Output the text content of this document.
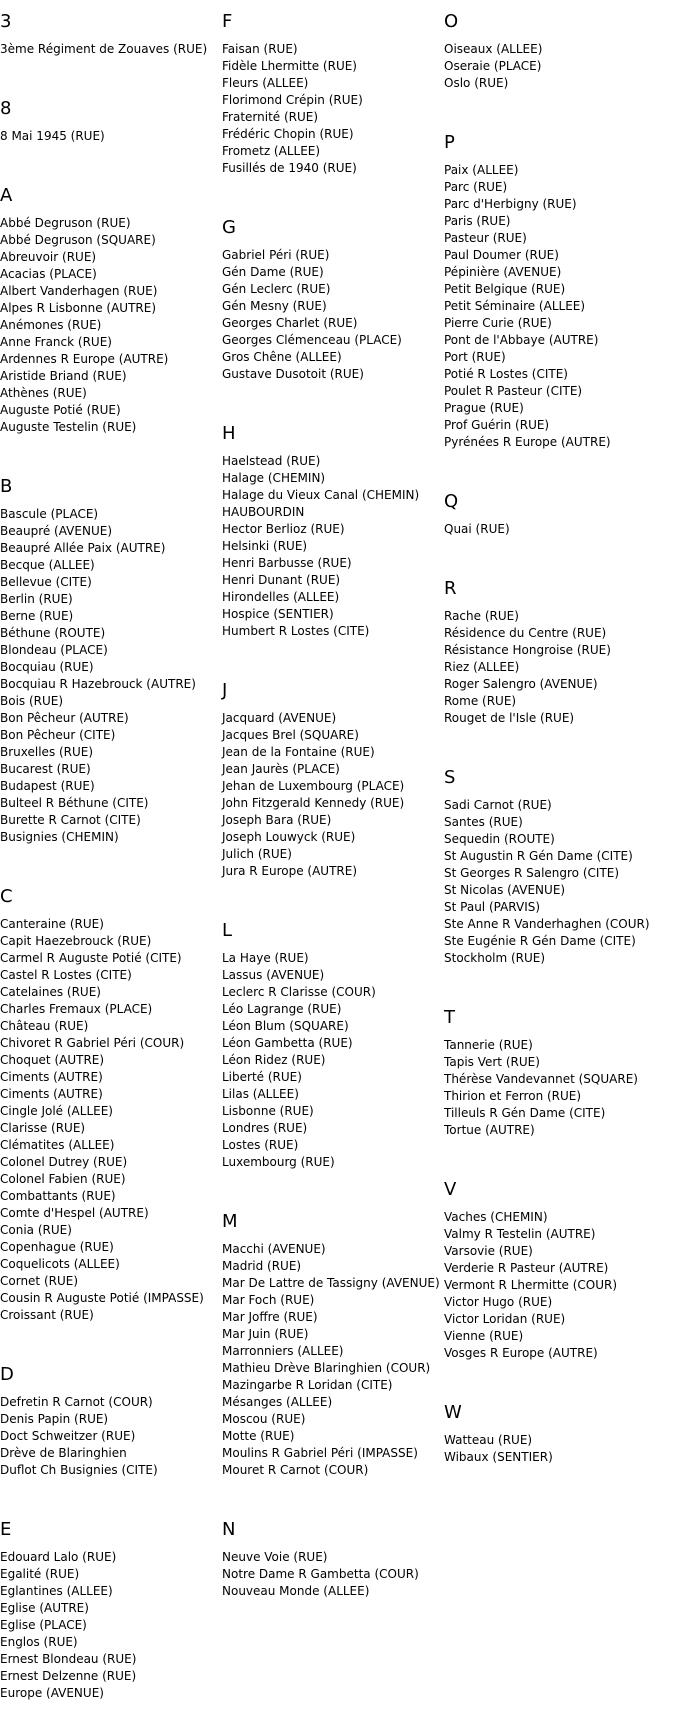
3
3ème Régiment de Zouaves (RUE)
8
8 Mai 1945 (RUE)
A
Abbé Degruson (RUE)
Abbé Degruson (SQUARE)
Abreuvoir (RUE)
Acacias (PLACE)
Albert Vanderhagen (RUE)
Alpes R Lisbonne (AUTRE)
Anémones (RUE)
Anne Franck (RUE)
Ardennes R Europe (AUTRE)
Aristide Briand (RUE)
Athènes (RUE)
Auguste Potié (RUE)
Auguste Testelin (RUE)
B
Bascule (PLACE)
Beaupré (AVENUE)
Beaupré Allée Paix (AUTRE)
Becque (ALLEE)
Bellevue (CITE)
Berlin (RUE)
Berne (RUE)
Béthune (ROUTE)
Blondeau (PLACE)
Bocquiau (RUE)
Bocquiau R Hazebrouck (AUTRE)
Bois (RUE)
Bon Pêcheur (AUTRE)
Bon Pêcheur (CITE)
Bruxelles (RUE)
Bucarest (RUE)
Budapest (RUE)
Bulteel R Béthune (CITE)
Burette R Carnot (CITE)
Busignies (CHEMIN)
C
Canteraine (RUE)
Capit Haezebrouck (RUE)
Carmel R Auguste Potié (CITE)
Castel R Lostes (CITE)
Catelaines (RUE)
Charles Fremaux (PLACE)
Château (RUE)
Chivoret R Gabriel Péri (COUR)
Choquet (AUTRE)
Ciments (AUTRE)
Ciments (AUTRE)
Cingle Jolé (ALLEE)
Clarisse (RUE)
Clématites (ALLEE)
Colonel Dutrey (RUE)
Colonel Fabien (RUE)
Combattants (RUE)
Comte d'Hespel (AUTRE)
Conia (RUE)
Copenhague (RUE)
Coquelicots (ALLEE)
Cornet (RUE)
Cousin R Auguste Potié (IMPASSE)
Croissant (RUE)
D
Defretin R Carnot (COUR)
Denis Papin (RUE)
Doct Schweitzer (RUE)
Drève de Blaringhien
Duflot Ch Busignies (CITE)
E
Edouard Lalo (RUE)
Egalité (RUE)
Eglantines (ALLEE)
Eglise (AUTRE)
Eglise (PLACE)
Englos (RUE)
Ernest Blondeau (RUE)
Ernest Delzenne (RUE)
Europe (AVENUE)
F
Faisan (RUE)
Fidèle Lhermitte (RUE)
Fleurs (ALLEE)
Florimond Crépin (RUE)
Fraternité (RUE)
Frédéric Chopin (RUE)
Frometz (ALLEE)
Fusillés de 1940 (RUE)
G
Gabriel Péri (RUE)
Gén Dame (RUE)
Gén Leclerc (RUE)
Gén Mesny (RUE)
Georges Charlet (RUE)
Georges Clémenceau (PLACE)
Gros Chêne (ALLEE)
Gustave Dusotoit (RUE)
H
Haelstead (RUE)
Halage (CHEMIN)
Halage du Vieux Canal (CHEMIN)
HAUBOURDIN
Hector Berlioz (RUE)
Helsinki (RUE)
Henri Barbusse (RUE)
Henri Dunant (RUE)
Hirondelles (ALLEE)
Hospice (SENTIER)
Humbert R Lostes (CITE)
J
Jacquard (AVENUE)
Jacques Brel (SQUARE)
Jean de la Fontaine (RUE)
Jean Jaurès (PLACE)
Jehan de Luxembourg (PLACE)
John Fitzgerald Kennedy (RUE)
Joseph Bara (RUE)
Joseph Louwyck (RUE)
Julich (RUE)
Jura R Europe (AUTRE)
L
La Haye (RUE)
Lassus (AVENUE)
Leclerc R Clarisse (COUR)
Léo Lagrange (RUE)
Léon Blum (SQUARE)
Léon Gambetta (RUE)
Léon Ridez (RUE)
Liberté (RUE)
Lilas (ALLEE)
Lisbonne (RUE)
Londres (RUE)
Lostes (RUE)
Luxembourg (RUE)
M
Macchi (AVENUE)
Madrid (RUE)
Mar De Lattre de Tassigny (AVENUE)
Mar Foch (RUE)
Mar Joffre (RUE)
Mar Juin (RUE)
Marronniers (ALLEE)
Mathieu Drève Blaringhien (COUR)
Mazingarbe R Loridan (CITE)
Mésanges (ALLEE)
Moscou (RUE)
Motte (RUE)
Moulins R Gabriel Péri (IMPASSE)
Mouret R Carnot (COUR)
N
Neuve Voie (RUE)
Notre Dame R Gambetta (COUR)
Nouveau Monde (ALLEE)
O
Oiseaux (ALLEE)
Oseraie (PLACE)
Oslo (RUE)
P
Paix (ALLEE)
Parc (RUE)
Parc d'Herbigny (RUE)
Paris (RUE)
Pasteur (RUE)
Paul Doumer (RUE)
Pépinière (AVENUE)
Petit Belgique (RUE)
Petit Séminaire (ALLEE)
Pierre Curie (RUE)
Pont de l'Abbaye (AUTRE)
Port (RUE)
Potié R Lostes (CITE)
Poulet R Pasteur (CITE)
Prague (RUE)
Prof Guérin (RUE)
Pyrénées R Europe (AUTRE)
Q
Quai (RUE)
R
Rache (RUE)
Résidence du Centre (RUE)
Résistance Hongroise (RUE)
Riez (ALLEE)
Roger Salengro (AVENUE)
Rome (RUE)
Rouget de l'Isle (RUE)
S
Sadi Carnot (RUE)
Santes (RUE)
Sequedin (ROUTE)
St Augustin R Gén Dame (CITE)
St Georges R Salengro (CITE)
St Nicolas (AVENUE)
St Paul (PARVIS)
Ste Anne R Vanderhaghen (COUR)
Ste Eugénie R Gén Dame (CITE)
Stockholm (RUE)
T
Tannerie (RUE)
Tapis Vert (RUE)
Thérèse Vandevannet (SQUARE)
Thirion et Ferron (RUE)
Tilleuls R Gén Dame (CITE)
Tortue (AUTRE)
V
Vaches (CHEMIN)
Valmy R Testelin (AUTRE)
Varsovie (RUE)
Verderie R Pasteur (AUTRE)
Vermont R Lhermitte (COUR)
Victor Hugo (RUE)
Victor Loridan (RUE)
Vienne (RUE)
Vosges R Europe (AUTRE)
W
Watteau (RUE)
Wibaux (SENTIER)
